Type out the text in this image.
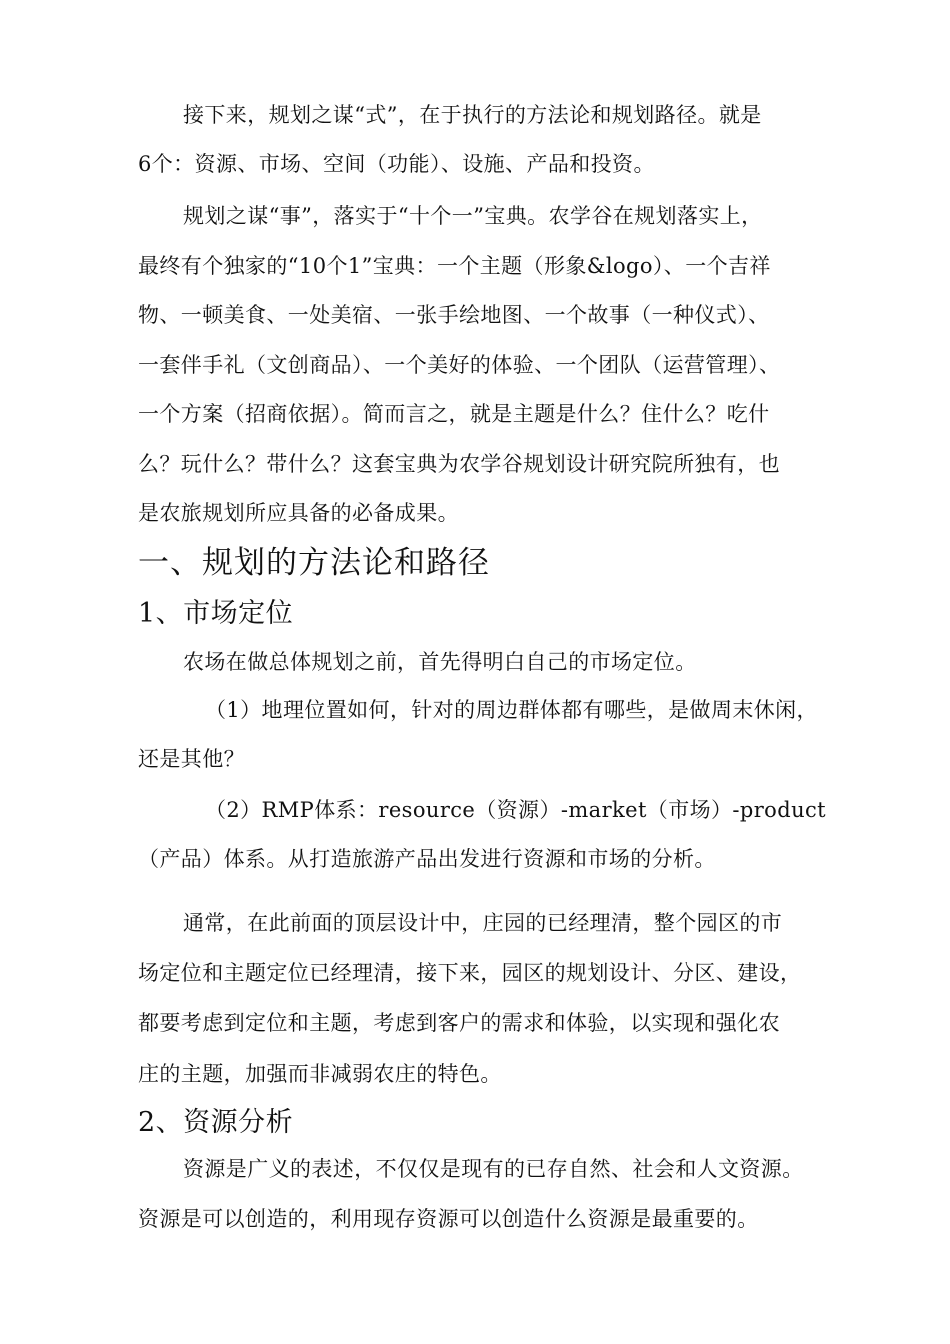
接下来，规划之谋“式”，在于执行的方法论和规划路径。就是
6个：资源、市场、空间（功能）、设施、产品和投资。
规划之谋“事”，落实于“十个一”宝典。农学谷在规划落实上，
最终有个独家的“10个1”宝典：一个主题（形象&logo）、一个吉祥
物、一顿美食、一处美宿、一张手绘地图、一个故事（一种仪式）、
一套伴手礼（文创商品）、一个美好的体验、一个团队（运营管理）、
一个方案（招商依据）。简而言之，就是主题是什么？住什么？吃什
么？玩什么？带什么？这套宝典为农学谷规划设计研究院所独有，也
是农旅规划所应具备的必备成果。
一、规划的方法论和路径
1、市场定位
农场在做总体规划之前，首先得明白自己的市场定位。
（1）地理位置如何，针对的周边群体都有哪些，是做周末休闲，
还是其他？
（2）RMP体系：resource（资源）-market（市场）-product
（产品）体系。从打造旅游产品出发进行资源和市场的分析。
通常，在此前面的顶层设计中，庄园的已经理清，整个园区的市
场定位和主题定位已经理清，接下来，园区的规划设计、分区、建设，
都要考虑到定位和主题，考虑到客户的需求和体验，以实现和强化农
庄的主题，加强而非减弱农庄的特色。
2、资源分析
资源是广义的表述，不仅仅是现有的已存自然、社会和人文资源。
资源是可以创造的，利用现存资源可以创造什么资源是最重要的。
